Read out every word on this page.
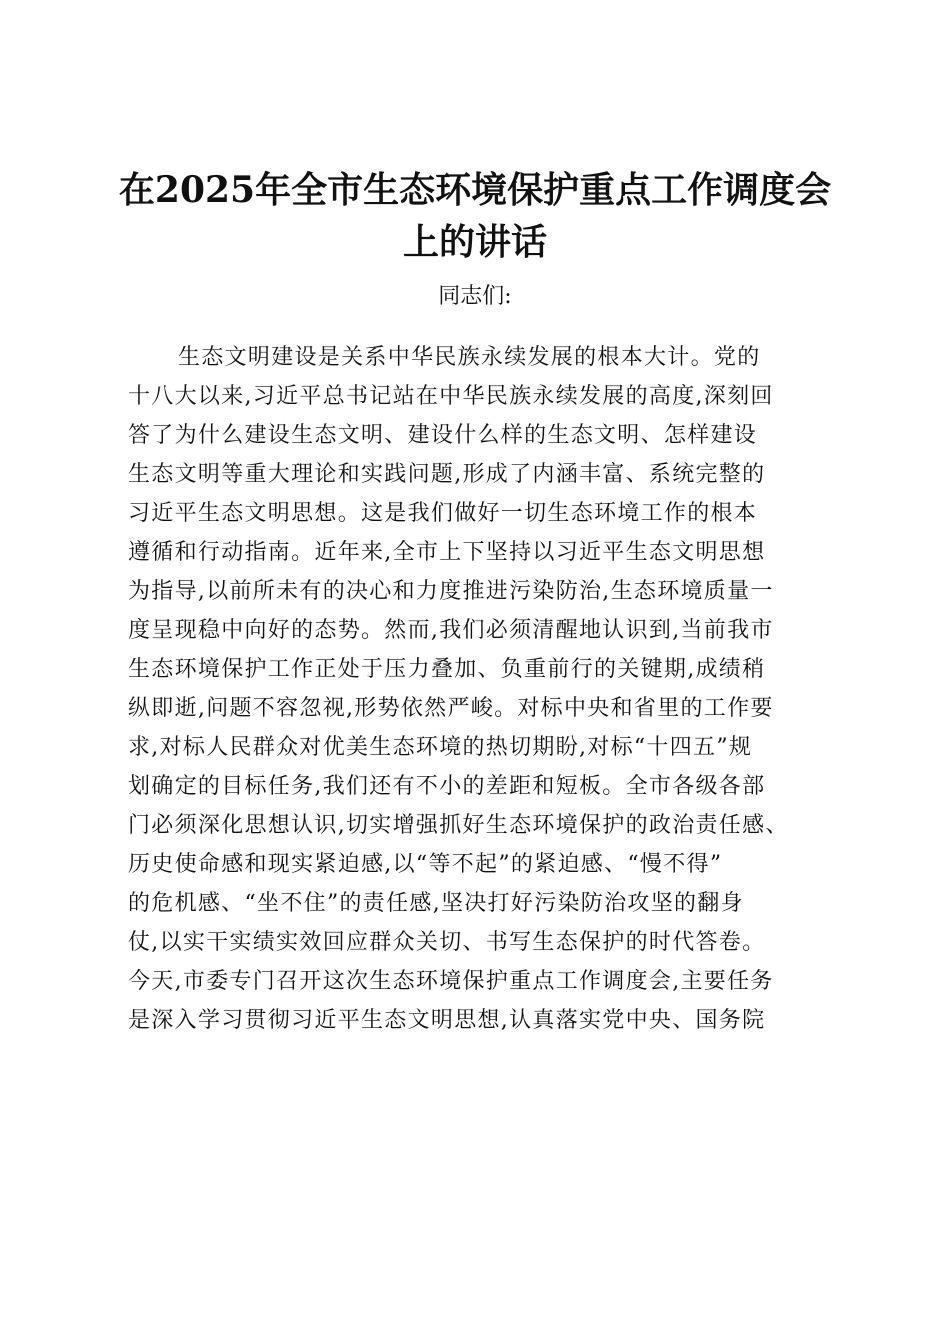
在2025年全市生态环境保护重点工作调度会
上的讲话

同志们:

生态文明建设是关系中华民族永续发展的根本大计。党的
十八大以来,习近平总书记站在中华民族永续发展的高度,深刻回
答了为什么建设生态文明、建设什么样的生态文明、怎样建设
生态文明等重大理论和实践问题,形成了内涵丰富、系统完整的
习近平生态文明思想。这是我们做好一切生态环境工作的根本
遵循和行动指南。近年来,全市上下坚持以习近平生态文明思想
为指导,以前所未有的决心和力度推进污染防治,生态环境质量一
度呈现稳中向好的态势。然而,我们必须清醒地认识到,当前我市
生态环境保护工作正处于压力叠加、负重前行的关键期,成绩稍
纵即逝,问题不容忽视,形势依然严峻。对标中央和省里的工作要
求,对标人民群众对优美生态环境的热切期盼,对标“十四五”规
划确定的目标任务,我们还有不小的差距和短板。全市各级各部
门必须深化思想认识,切实增强抓好生态环境保护的政治责任感、
历史使命感和现实紧迫感,以“等不起”的紧迫感、“慢不得”
的危机感、“坐不住”的责任感,坚决打好污染防治攻坚的翻身
仗,以实干实绩实效回应群众关切、书写生态保护的时代答卷。
今天,市委专门召开这次生态环境保护重点工作调度会,主要任务
是深入学习贯彻习近平生态文明思想,认真落实党中央、国务院
